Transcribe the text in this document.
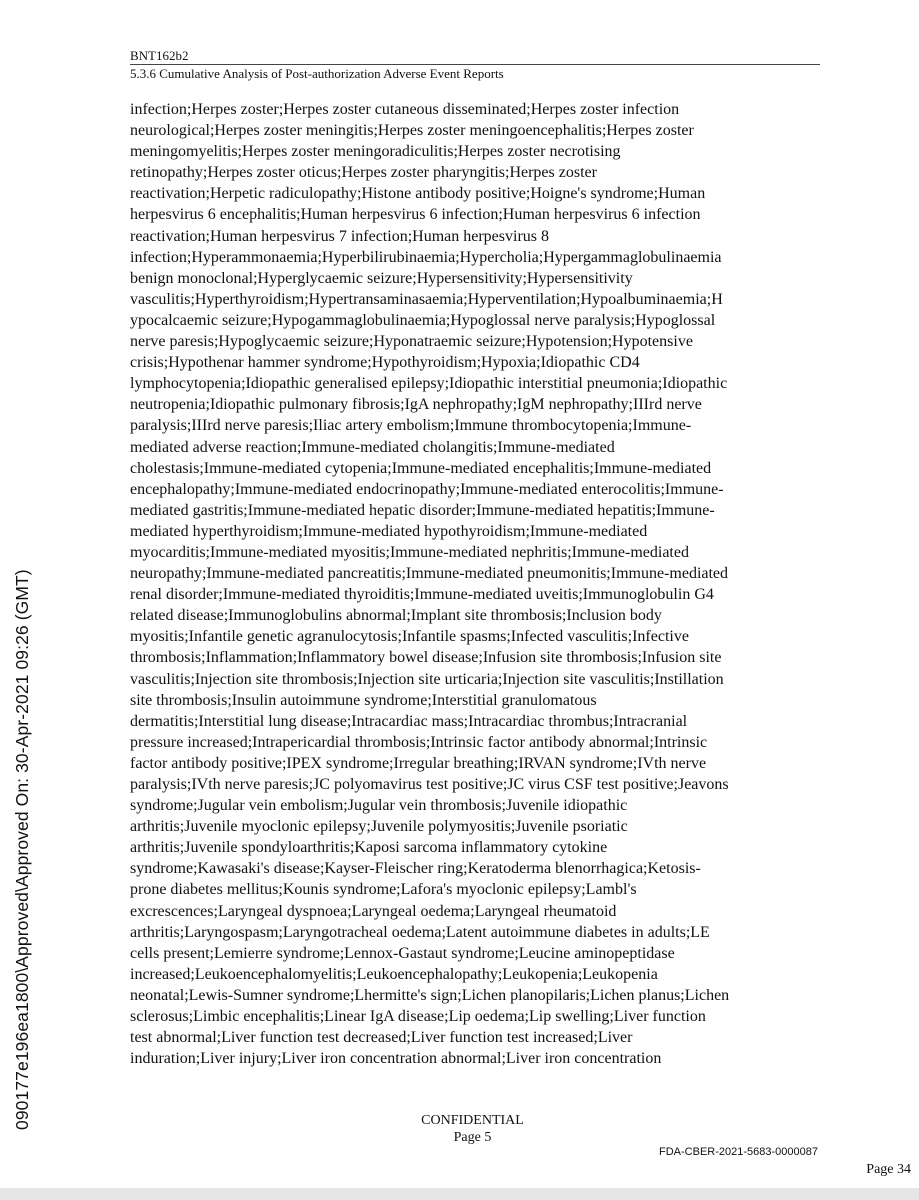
BNT162b2
5.3.6 Cumulative Analysis of Post-authorization Adverse Event Reports
infection;Herpes zoster;Herpes zoster cutaneous disseminated;Herpes zoster infection
neurological;Herpes zoster meningitis;Herpes zoster meningoencephalitis;Herpes zoster
meningomyelitis;Herpes zoster meningoradiculitis;Herpes zoster necrotising
retinopathy;Herpes zoster oticus;Herpes zoster pharyngitis;Herpes zoster
reactivation;Herpetic radiculopathy;Histone antibody positive;Hoigne's syndrome;Human
herpesvirus 6 encephalitis;Human herpesvirus 6 infection;Human herpesvirus 6 infection
reactivation;Human herpesvirus 7 infection;Human herpesvirus 8
infection;Hyperammonaemia;Hyperbilirubinaemia;Hypercholia;Hypergammaglobulinaemia
benign monoclonal;Hyperglycaemic seizure;Hypersensitivity;Hypersensitivity
vasculitis;Hyperthyroidism;Hypertransaminasaemia;Hyperventilation;Hypoalbuminaemia;H
ypocalcaemic seizure;Hypogammaglobulinaemia;Hypoglossal nerve paralysis;Hypoglossal
nerve paresis;Hypoglycaemic seizure;Hyponatraemic seizure;Hypotension;Hypotensive
crisis;Hypothenar hammer syndrome;Hypothyroidism;Hypoxia;Idiopathic CD4
lymphocytopenia;Idiopathic generalised epilepsy;Idiopathic interstitial pneumonia;Idiopathic
neutropenia;Idiopathic pulmonary fibrosis;IgA nephropathy;IgM nephropathy;IIIrd nerve
paralysis;IIIrd nerve paresis;Iliac artery embolism;Immune thrombocytopenia;Immune-
mediated adverse reaction;Immune-mediated cholangitis;Immune-mediated
cholestasis;Immune-mediated cytopenia;Immune-mediated encephalitis;Immune-mediated
encephalopathy;Immune-mediated endocrinopathy;Immune-mediated enterocolitis;Immune-
mediated gastritis;Immune-mediated hepatic disorder;Immune-mediated hepatitis;Immune-
mediated hyperthyroidism;Immune-mediated hypothyroidism;Immune-mediated
myocarditis;Immune-mediated myositis;Immune-mediated nephritis;Immune-mediated
neuropathy;Immune-mediated pancreatitis;Immune-mediated pneumonitis;Immune-mediated
renal disorder;Immune-mediated thyroiditis;Immune-mediated uveitis;Immunoglobulin G4
related disease;Immunoglobulins abnormal;Implant site thrombosis;Inclusion body
myositis;Infantile genetic agranulocytosis;Infantile spasms;Infected vasculitis;Infective
thrombosis;Inflammation;Inflammatory bowel disease;Infusion site thrombosis;Infusion site
vasculitis;Injection site thrombosis;Injection site urticaria;Injection site vasculitis;Instillation
site thrombosis;Insulin autoimmune syndrome;Interstitial granulomatous
dermatitis;Interstitial lung disease;Intracardiac mass;Intracardiac thrombus;Intracranial
pressure increased;Intrapericardial thrombosis;Intrinsic factor antibody abnormal;Intrinsic
factor antibody positive;IPEX syndrome;Irregular breathing;IRVAN syndrome;IVth nerve
paralysis;IVth nerve paresis;JC polyomavirus test positive;JC virus CSF test positive;Jeavons
syndrome;Jugular vein embolism;Jugular vein thrombosis;Juvenile idiopathic
arthritis;Juvenile myoclonic epilepsy;Juvenile polymyositis;Juvenile psoriatic
arthritis;Juvenile spondyloarthritis;Kaposi sarcoma inflammatory cytokine
syndrome;Kawasaki's disease;Kayser-Fleischer ring;Keratoderma blenorrhagica;Ketosis-
prone diabetes mellitus;Kounis syndrome;Lafora's myoclonic epilepsy;Lambl's
excrescences;Laryngeal dyspnoea;Laryngeal oedema;Laryngeal rheumatoid
arthritis;Laryngospasm;Laryngotracheal oedema;Latent autoimmune diabetes in adults;LE
cells present;Lemierre syndrome;Lennox-Gastaut syndrome;Leucine aminopeptidase
increased;Leukoencephalomyelitis;Leukoencephalopathy;Leukopenia;Leukopenia
neonatal;Lewis-Sumner syndrome;Lhermitte's sign;Lichen planopilaris;Lichen planus;Lichen
sclerosus;Limbic encephalitis;Linear IgA disease;Lip oedema;Lip swelling;Liver function
test abnormal;Liver function test decreased;Liver function test increased;Liver
induration;Liver injury;Liver iron concentration abnormal;Liver iron concentration
CONFIDENTIAL
Page 5
FDA-CBER-2021-5683-0000087
Page 34
090177e196ea1800\Approved\Approved On: 30-Apr-2021 09:26 (GMT)
